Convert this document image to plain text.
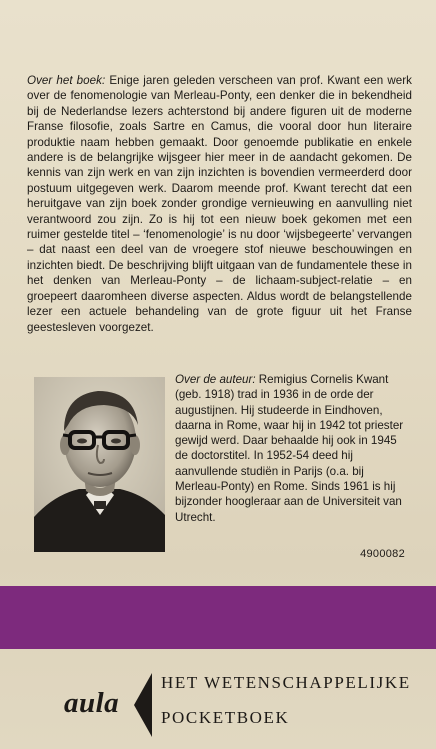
Over het boek: Enige jaren geleden verscheen van prof. Kwant een werk over de fenomenologie van Merleau-Ponty, een denker die in bekendheid bij de Nederlandse lezers achterstond bij andere figuren uit de moderne Franse filosofie, zoals Sartre en Camus, die vooral door hun literaire produktie naam hebben gemaakt. Door genoemde publikatie en enkele andere is de belangrijke wijsgeer hier meer in de aandacht gekomen. De kennis van zijn werk en van zijn inzichten is bovendien vermeerderd door postuum uitgegeven werk. Daarom meende prof. Kwant terecht dat een heruitgave van zijn boek zonder grondige vernieuwing en aanvulling niet verantwoord zou zijn. Zo is hij tot een nieuw boek gekomen met een ruimer gestelde titel – ‘fenomenologie’ is nu door ‘wijsbegeerte’ vervangen – dat naast een deel van de vroegere stof nieuwe beschouwingen en inzichten biedt. De beschrijving blijft uitgaan van de fundamentele these in het denken van Merleau-Ponty – de lichaam-subject-relatie – en groepeert daaromheen diverse aspecten. Aldus wordt de belangstellende lezer een actuele behandeling van de grote figuur uit het Franse geestesleven voorgezet.

Over de auteur: Remigius Cornelis Kwant (geb. 1918) trad in 1936 in de orde der augustijnen. Hij studeerde in Eindhoven, daarna in Rome, waar hij in 1942 tot priester gewijd werd. Daar behaalde hij ook in 1945 de doctorstitel. In 1952-54 deed hij aanvullende studiën in Parijs (o.a. bij Merleau-Ponty) en Rome. Sinds 1961 is hij bijzonder hoogleraar aan de Universiteit van Utrecht.

4900082
aula
HET WETENSCHAPPELIJKE
POCKETBOEK
